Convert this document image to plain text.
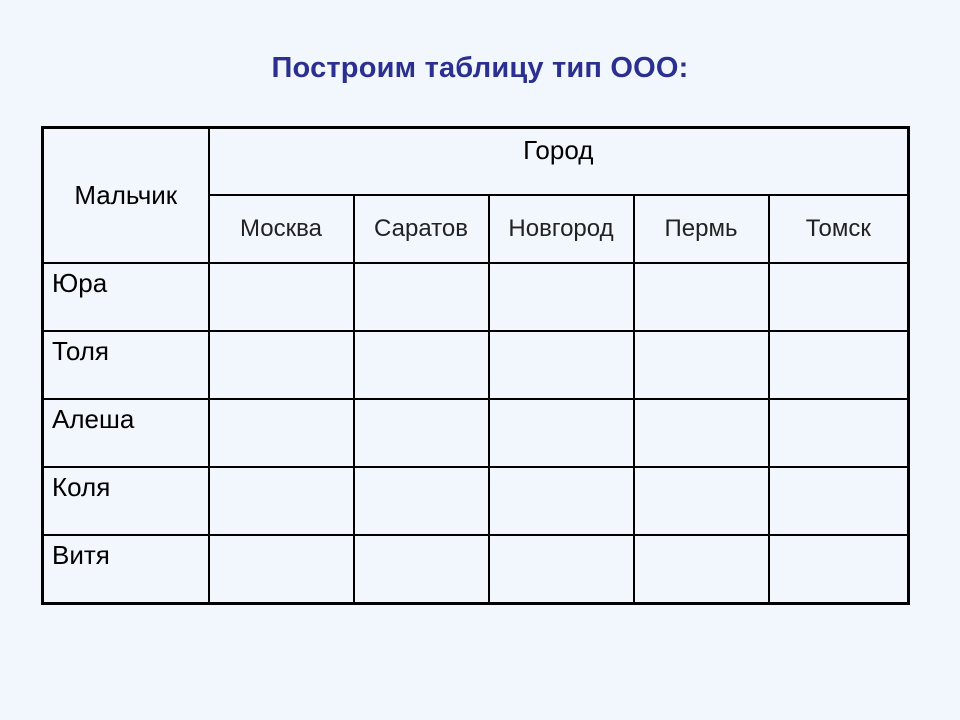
Построим таблицу тип ООО:
Мальчик	Город				
	Москва	Саратов	Новгород	Пермь	Томск
Юра					
Толя					
Алеша					
Коля					
Витя					
